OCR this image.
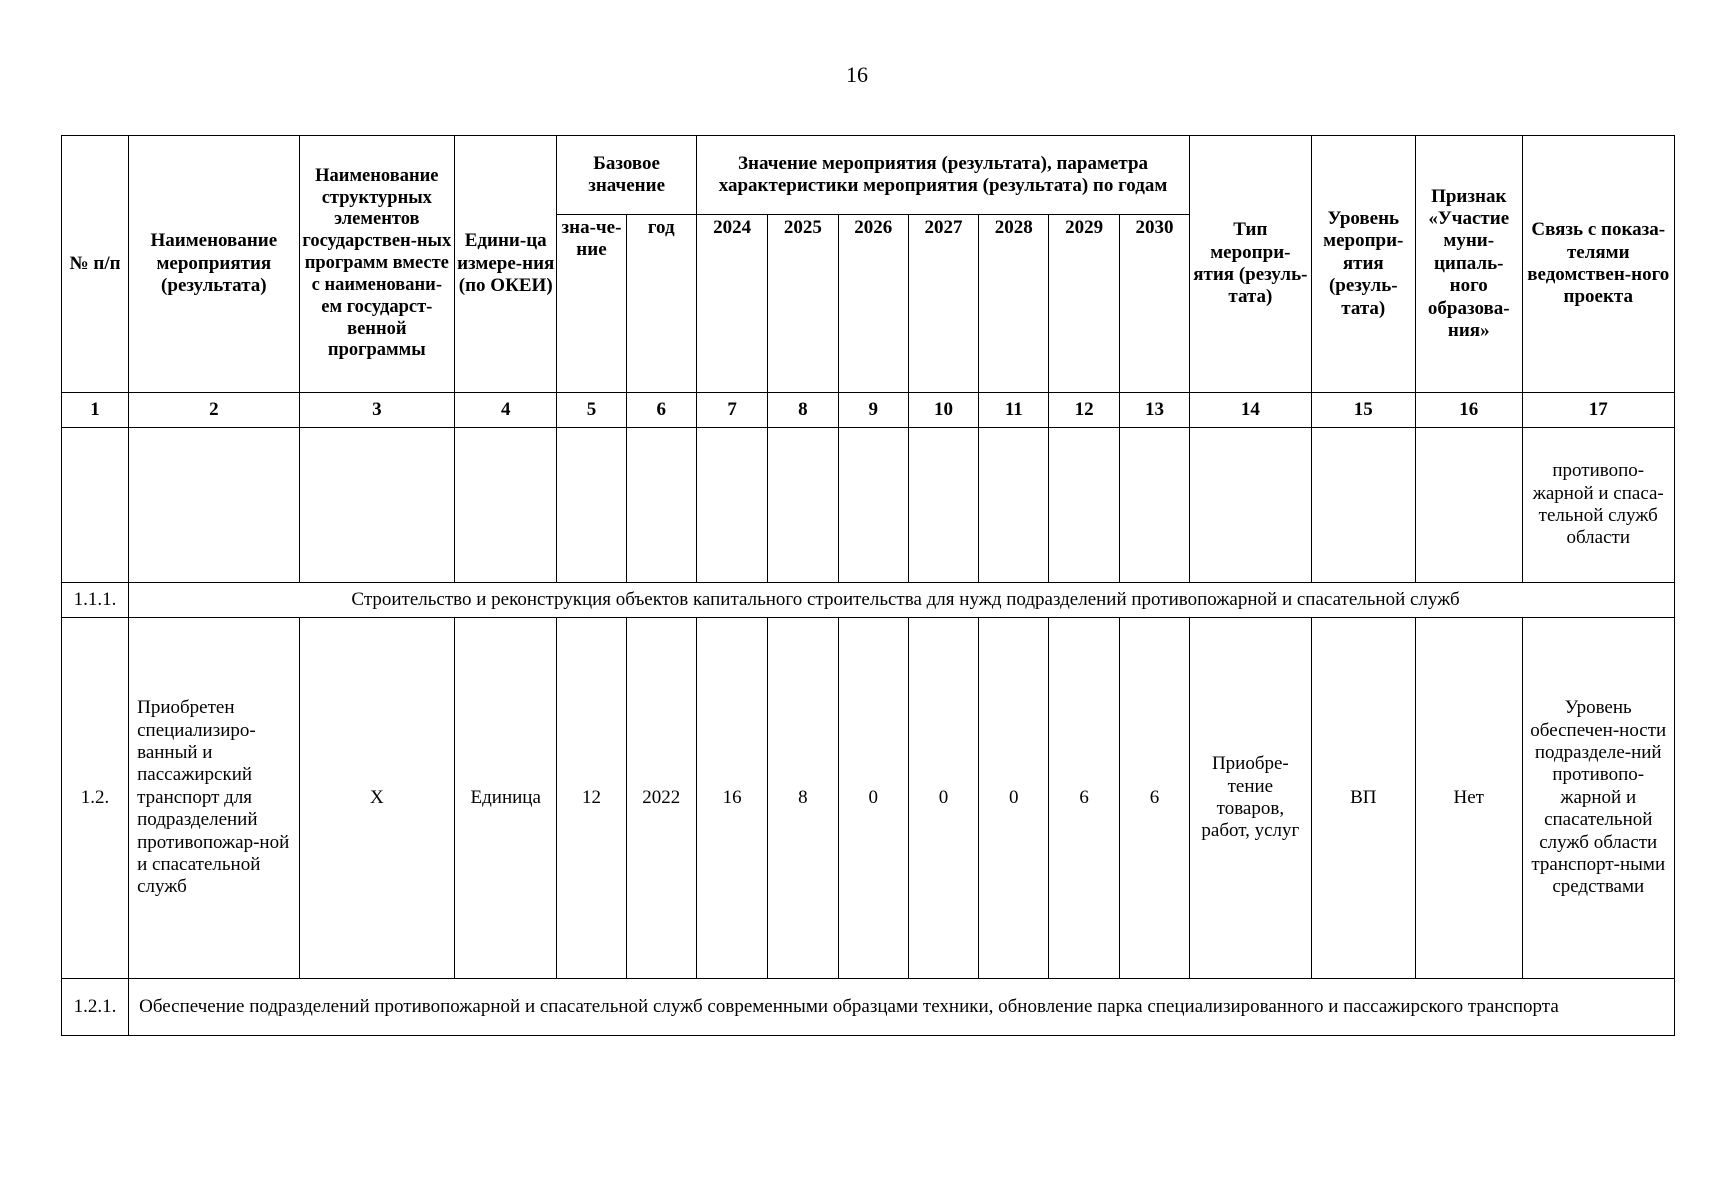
16
№ п/п	Наименование мероприятия (результата)	Наименование структурных элементов государствен-ных программ вместе с наименовани-ем государст-венной программы	Едини-ца измере-ния (по ОКЕИ)	Базовое значение		Значение мероприятия (результата), параметра характеристики мероприятия (результата) по годам							Тип меропри-ятия (резуль-тата)	Уровень меропри-ятия (резуль-тата)	Признак «Участие муни-ципаль-ного образова-ния»	Связь с показа-телями ведомствен-ного проекта
				зна-че-ние	год	2024	2025	2026	2027	2028	2029	2030				
1	2	3	4	5	6	7	8	9	10	11	12	13	14	15	16	17
																противопо-жарной и спаса-тельной служб области
1.1.1.	Строительство и реконструкция объектов капитального строительства для нужд подразделений противопожарной и спасательной служб															
1.2.	Приобретен специализиро-ванный и пассажирский транспорт для подразделений противопожар-ной и спасательной служб	X	Единица	12	2022	16	8	0	0	0	6	6	Приобре-тение товаров, работ, услуг	ВП	Нет	Уровень обеспечен-ности подразделе-ний противопо-жарной и спасательной служб области транспорт-ными средствами
1.2.1.	Обеспечение подразделений противопожарной и спасательной служб современными образцами техники, обновление парка специализированного и пассажирского транспорта															
